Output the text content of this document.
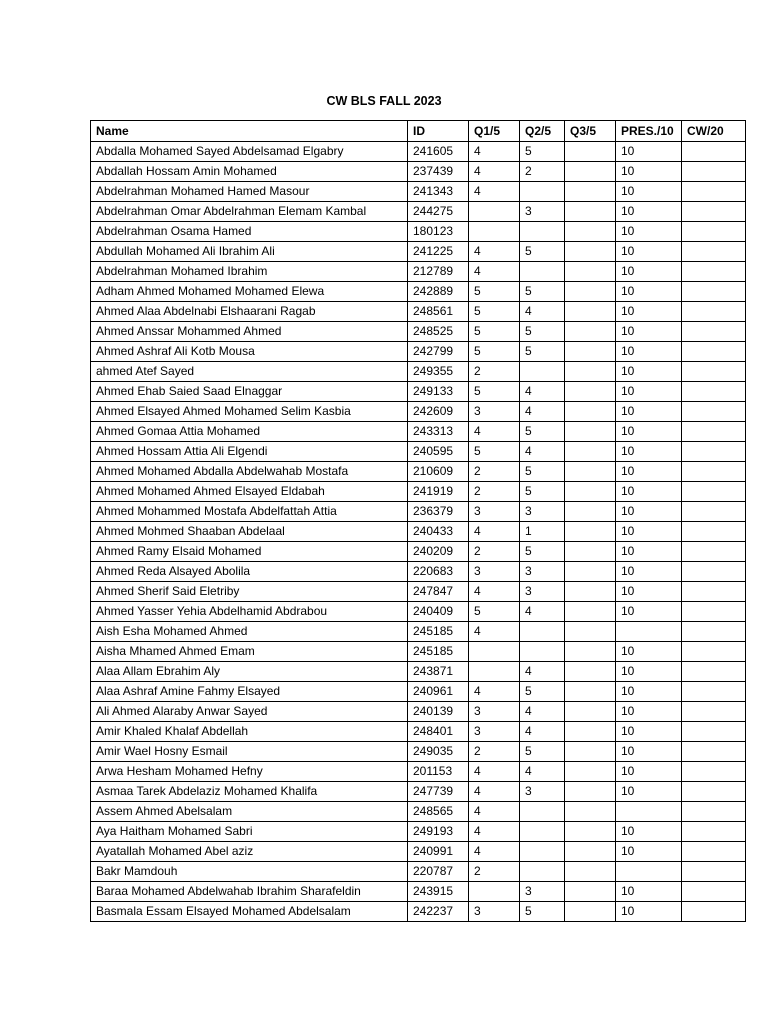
CW BLS FALL 2023
Name	ID	Q1/5	Q2/5	Q3/5	PRES./10	CW/20
Abdalla Mohamed Sayed Abdelsamad Elgabry	241605	4	5		10	
Abdallah Hossam Amin Mohamed	237439	4	2		10	
Abdelrahman Mohamed Hamed Masour	241343	4			10	
Abdelrahman Omar Abdelrahman Elemam Kambal	244275		3		10	
Abdelrahman Osama Hamed	180123				10	
Abdullah Mohamed Ali Ibrahim Ali	241225	4	5		10	
Abdelrahman Mohamed Ibrahim	212789	4			10	
Adham Ahmed Mohamed Mohamed Elewa	242889	5	5		10	
Ahmed Alaa Abdelnabi Elshaarani Ragab	248561	5	4		10	
Ahmed Anssar Mohammed Ahmed	248525	5	5		10	
Ahmed Ashraf Ali Kotb Mousa	242799	5	5		10	
ahmed Atef Sayed	249355	2			10	
Ahmed Ehab Saied Saad Elnaggar	249133	5	4		10	
Ahmed Elsayed Ahmed Mohamed Selim Kasbia	242609	3	4		10	
Ahmed Gomaa Attia Mohamed	243313	4	5		10	
Ahmed Hossam Attia Ali Elgendi	240595	5	4		10	
Ahmed Mohamed Abdalla Abdelwahab Mostafa	210609	2	5		10	
Ahmed Mohamed Ahmed Elsayed Eldabah	241919	2	5		10	
Ahmed Mohammed Mostafa Abdelfattah Attia	236379	3	3		10	
Ahmed Mohmed Shaaban Abdelaal	240433	4	1		10	
Ahmed Ramy Elsaid Mohamed	240209	2	5		10	
Ahmed Reda Alsayed Abolila	220683	3	3		10	
Ahmed Sherif Said Eletriby	247847	4	3		10	
Ahmed Yasser Yehia Abdelhamid Abdrabou	240409	5	4		10	
Aish Esha Mohamed Ahmed	245185	4				
Aisha Mhamed Ahmed Emam	245185				10	
Alaa Allam Ebrahim Aly	243871		4		10	
Alaa Ashraf Amine Fahmy Elsayed	240961	4	5		10	
Ali Ahmed Alaraby Anwar Sayed	240139	3	4		10	
Amir Khaled Khalaf Abdellah	248401	3	4		10	
Amir Wael Hosny Esmail	249035	2	5		10	
Arwa Hesham Mohamed Hefny	201153	4	4		10	
Asmaa Tarek Abdelaziz Mohamed Khalifa	247739	4	3		10	
Assem Ahmed Abelsalam	248565	4				
Aya Haitham Mohamed Sabri	249193	4			10	
Ayatallah Mohamed Abel aziz	240991	4			10	
Bakr Mamdouh	220787	2				
Baraa Mohamed Abdelwahab Ibrahim Sharafeldin	243915		3		10	
Basmala Essam Elsayed Mohamed Abdelsalam	242237	3	5		10	
